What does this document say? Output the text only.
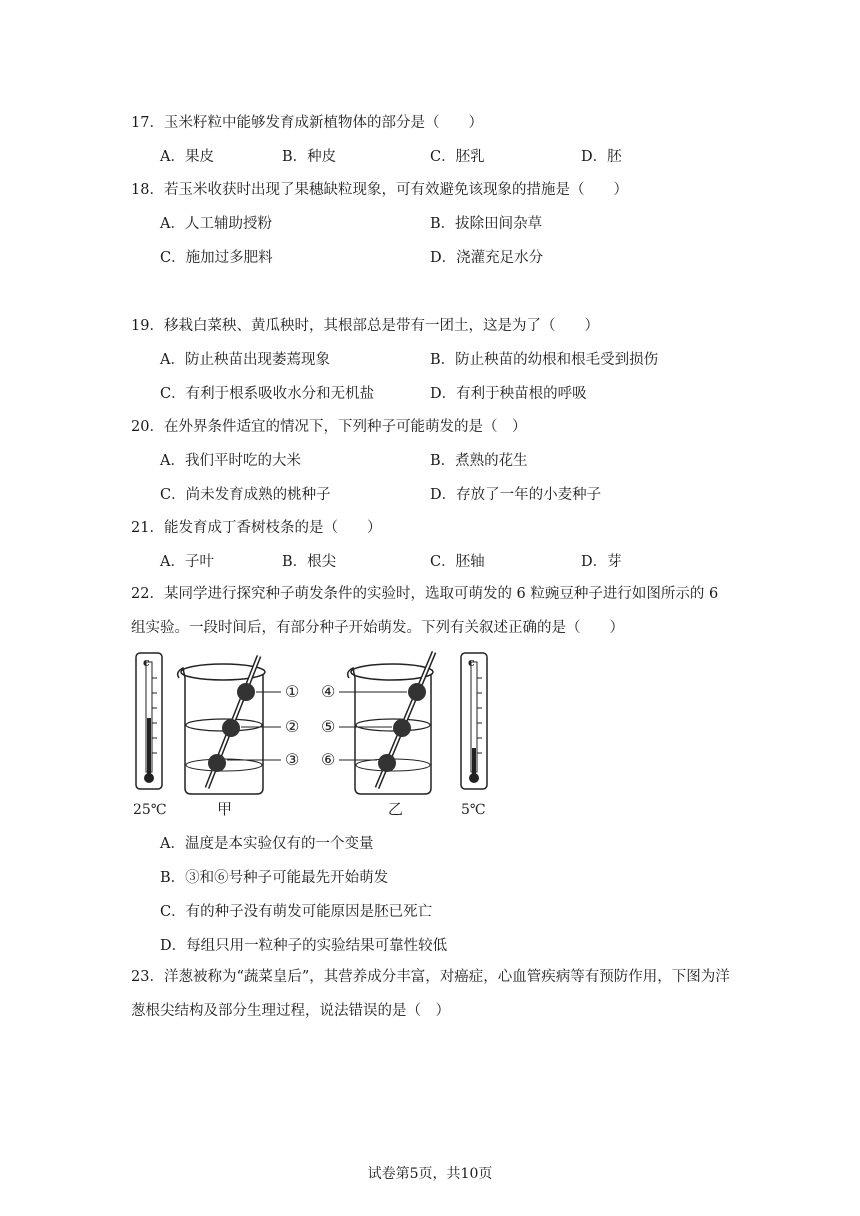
17．玉米籽粒中能够发育成新植物体的部分是（　　）
A．果皮	B．种皮	C．胚乳	D．胚
18．若玉米收获时出现了果穗缺粒现象，可有效避免该现象的措施是（　　）
A．人工辅助授粉	B．拔除田间杂草
C．施加过多肥料	D．浇灌充足水分
19．移栽白菜秧、黄瓜秧时，其根部总是带有一团土，这是为了（　　）
A．防止秧苗出现萎蔫现象	B．防止秧苗的幼根和根毛受到损伤
C．有利于根系吸收水分和无机盐	D．有利于秧苗根的呼吸
20．在外界条件适宜的情况下，下列种子可能萌发的是（　）
A．我们平时吃的大米	B．煮熟的花生
C．尚未发育成熟的桃种子	D．存放了一年的小麦种子
21．能发育成丁香树枝条的是（　　）
A．子叶	B．根尖	C．胚轴	D．芽
22．某同学进行探究种子萌发条件的实验时，选取可萌发的 6 粒豌豆种子进行如图所示的 6 组实验。一段时间后，有部分种子开始萌发。下列有关叙述正确的是（　　）
c
25℃
①
②
③
甲
④
⑤
⑥
乙
c
5℃
A．温度是本实验仅有的一个变量
B．③和⑥号种子可能最先开始萌发
C．有的种子没有萌发可能原因是胚已死亡
D．每组只用一粒种子的实验结果可靠性较低
23．洋葱被称为“蔬菜皇后”，其营养成分丰富，对癌症，心血管疾病等有预防作用，下图为洋葱根尖结构及部分生理过程，说法错误的是（　）
试卷第5页，共10页
